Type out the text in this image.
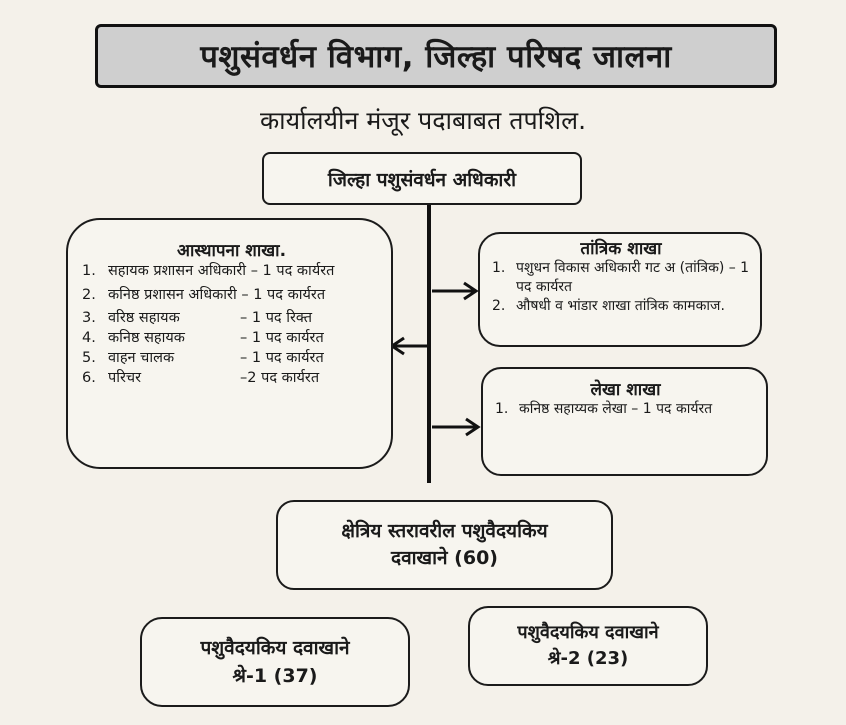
पशुसंवर्धन विभाग, जिल्हा परिषद जालना
कार्यालयीन मंजूर पदाबाबत तपशिल.
जिल्हा पशुसंवर्धन अधिकारी
आस्थापना शाखा.
1. सहायक प्रशासन अधिकारी – 1 पद कार्यरत
2. कनिष्ठ प्रशासन अधिकारी – 1 पद कार्यरत
3. वरिष्ठ सहायक	– 1 पद रिक्त
4. कनिष्ठ सहायक	– 1 पद कार्यरत
5. वाहन चालक	– 1 पद कार्यरत
6. परिचर	–2 पद कार्यरत
तांत्रिक शाखा
1. पशुधन विकास अधिकारी गट अ (तांत्रिक) – 1 पद कार्यरत
2. औषधी व भांडार शाखा तांत्रिक कामकाज.
लेखा शाखा
1. कनिष्ठ सहाय्यक लेखा – 1 पद कार्यरत
क्षेत्रिय स्तरावरील पशुवैदयकिय
दवाखाने (60)
पशुवैदयकिय दवाखाने
श्रे-1 (37)
पशुवैदयकिय दवाखाने
श्रे-2 (23)
